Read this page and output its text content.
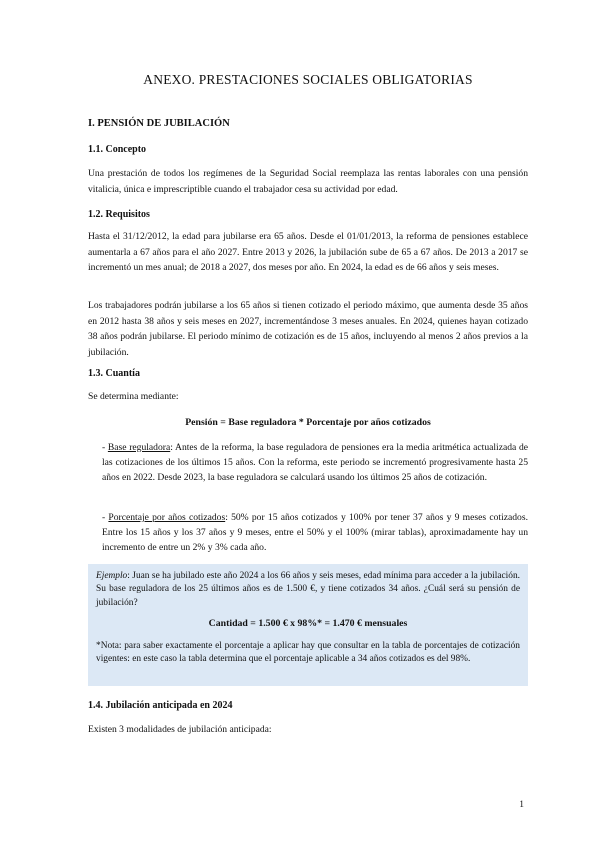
ANEXO. PRESTACIONES SOCIALES OBLIGATORIAS
I. PENSIÓN DE JUBILACIÓN
1.1. Concepto

Una prestación de todos los regímenes de la Seguridad Social reemplaza las rentas laborales con una pensión vitalicia, única e imprescriptible cuando el trabajador cesa su actividad por edad.

1.2. Requisitos

Hasta el 31/12/2012, la edad para jubilarse era 65 años. Desde el 01/01/2013, la reforma de pensiones establece aumentarla a 67 años para el año 2027. Entre 2013 y 2026, la jubilación sube de 65 a 67 años. De 2013 a 2017 se incrementó un mes anual; de 2018 a 2027, dos meses por año. En 2024, la edad es de 66 años y seis meses.

Los trabajadores podrán jubilarse a los 65 años si tienen cotizado el periodo máximo, que aumenta desde 35 años en 2012 hasta 38 años y seis meses en 2027, incrementándose 3 meses anuales. En 2024, quienes hayan cotizado 38 años podrán jubilarse. El periodo mínimo de cotización es de 15 años, incluyendo al menos 2 años previos a la jubilación.

1.3. Cuantía

Se determina mediante:

Pensión = Base reguladora * Porcentaje por años cotizados
- Base reguladora: Antes de la reforma, la base reguladora de pensiones era la media aritmética actualizada de las cotizaciones de los últimos 15 años. Con la reforma, este periodo se incrementó progresivamente hasta 25 años en 2022. Desde 2023, la base reguladora se calculará usando los últimos 25 años de cotización.
- Porcentaje por años cotizados: 50% por 15 años cotizados y 100% por tener 37 años y 9 meses cotizados. Entre los 15 años y los 37 años y 9 meses, entre el 50% y el 100% (mirar tablas), aproximadamente hay un incremento de entre un 2% y 3% cada año.

Ejemplo: Juan se ha jubilado este año 2024 a los 66 años y seis meses, edad mínima para acceder a la jubilación. Su base reguladora de los 25 últimos años es de 1.500 €, y tiene cotizados 34 años. ¿Cuál será su pensión de jubilación?

Cantidad = 1.500 € x 98%* = 1.470 € mensuales

*Nota: para saber exactamente el porcentaje a aplicar hay que consultar en la tabla de porcentajes de cotización vigentes: en este caso la tabla determina que el porcentaje aplicable a 34 años cotizados es del 98%.

1.4. Jubilación anticipada en 2024

Existen 3 modalidades de jubilación anticipada:

1
